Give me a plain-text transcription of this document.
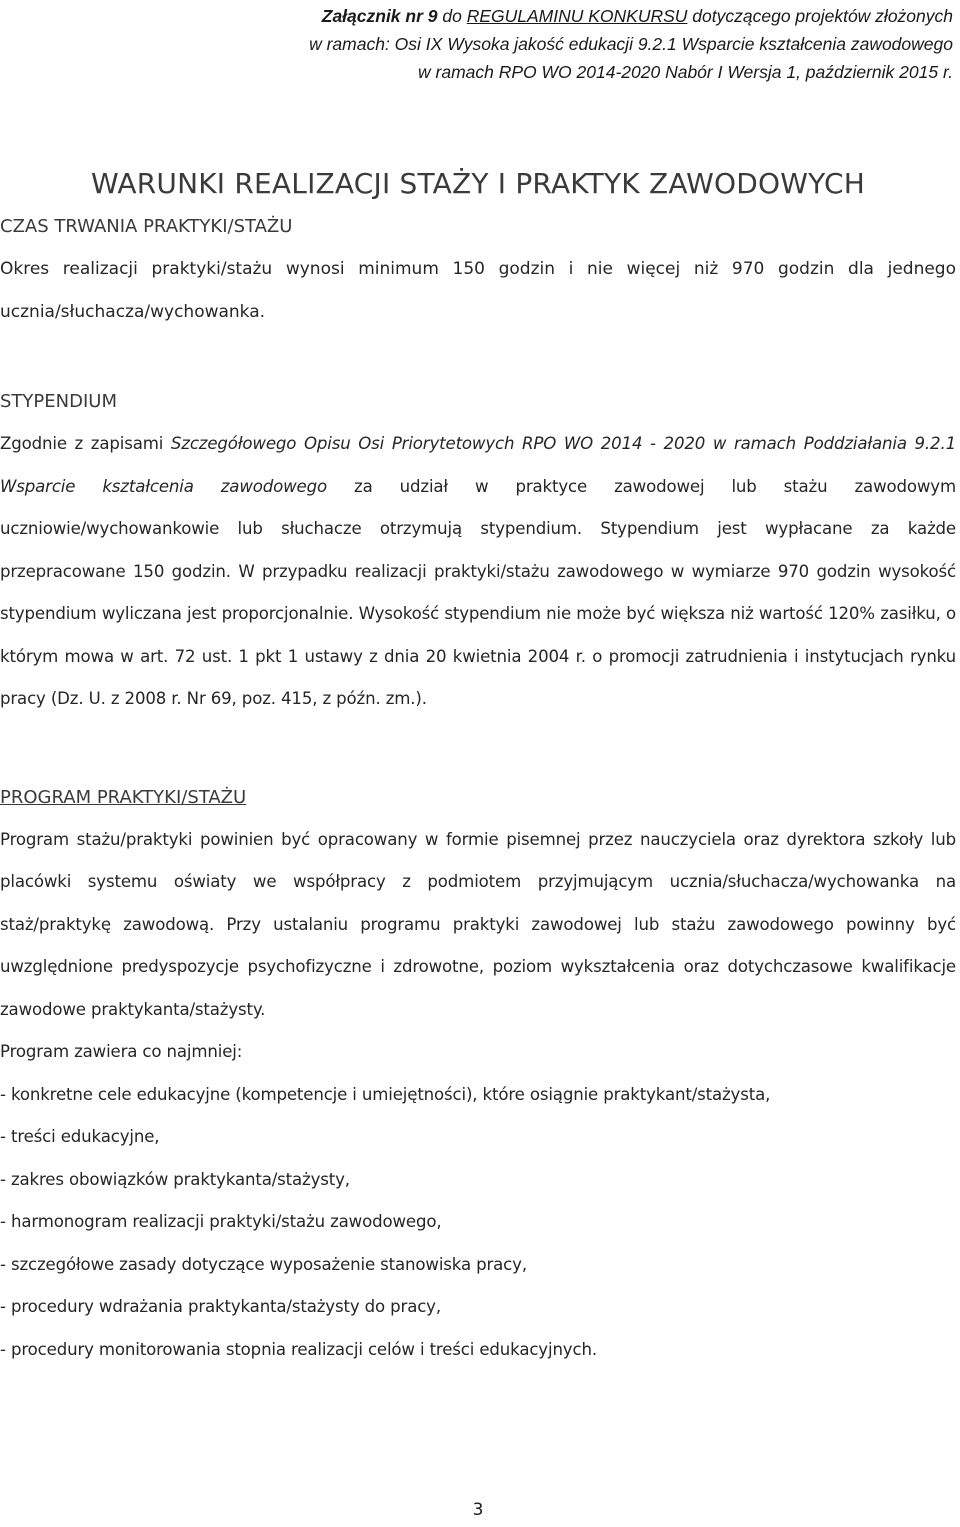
Załącznik nr 9 do REGULAMINU KONKURSU dotyczącego projektów złożonych
w ramach: Osi IX Wysoka jakość edukacji 9.2.1 Wsparcie kształcenia zawodowego
w ramach RPO WO 2014-2020 Nabór I Wersja 1, październik 2015 r.
WARUNKI REALIZACJI STAŻY I PRAKTYK ZAWODOWYCH
CZAS TRWANIA PRAKTYKI/STAŻU

Okres realizacji praktyki/stażu wynosi minimum 150 godzin i nie więcej niż 970 godzin dla jednego ucznia/słuchacza/wychowanka.

STYPENDIUM

Zgodnie z zapisami Szczegółowego Opisu Osi Priorytetowych RPO WO 2014 - 2020 w ramach Poddziałania 9.2.1 Wsparcie kształcenia zawodowego za udział w praktyce zawodowej lub stażu zawodowym uczniowie/wychowankowie lub słuchacze otrzymują stypendium. Stypendium jest wypłacane za każde przepracowane 150 godzin. W przypadku realizacji praktyki/stażu zawodowego w wymiarze 970 godzin wysokość stypendium wyliczana jest proporcjonalnie. Wysokość stypendium nie może być większa niż wartość 120% zasiłku, o którym mowa w art. 72 ust. 1 pkt 1 ustawy z dnia 20 kwietnia 2004 r. o promocji zatrudnienia i instytucjach rynku pracy (Dz. U. z 2008 r. Nr 69, poz. 415, z późn. zm.).

PROGRAM PRAKTYKI/STAŻU

Program stażu/praktyki powinien być opracowany w formie pisemnej przez nauczyciela oraz dyrektora szkoły lub placówki systemu oświaty we współpracy z podmiotem przyjmującym ucznia/słuchacza/wychowanka na staż/praktykę zawodową. Przy ustalaniu programu praktyki zawodowej lub stażu zawodowego powinny być uwzględnione predyspozycje psychofizyczne i zdrowotne, poziom wykształcenia oraz dotychczasowe kwalifikacje zawodowe praktykanta/stażysty.

Program zawiera co najmniej:

- konkretne cele edukacyjne (kompetencje i umiejętności), które osiągnie praktykant/stażysta,
- treści edukacyjne,
- zakres obowiązków praktykanta/stażysty,
- harmonogram realizacji praktyki/stażu zawodowego,
- szczegółowe zasady dotyczące wyposażenie stanowiska pracy,
- procedury wdrażania praktykanta/stażysty do pracy,
- procedury monitorowania stopnia realizacji celów i treści edukacyjnych.
3
